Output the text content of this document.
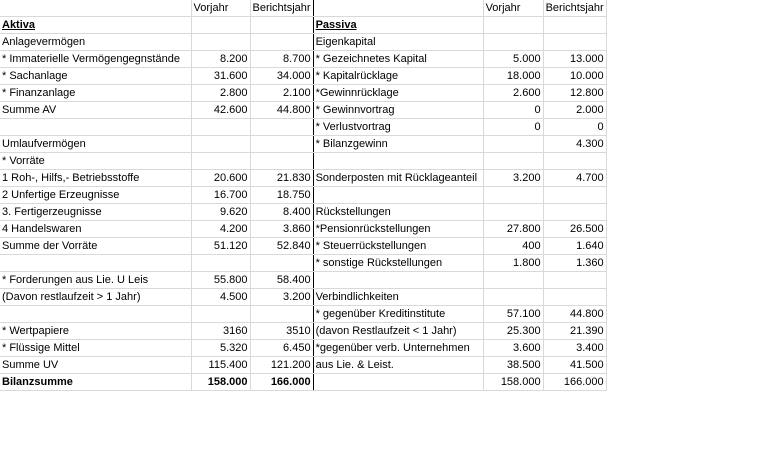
	Vorjahr	Berichtsjahr		Vorjahr	Berichtsjahr
Aktiva			Passiva		
Anlagevermögen			Eigenkapital		
* Immaterielle Vermögengegnstände	8.200	8.700	* Gezeichnetes Kapital	5.000	13.000
* Sachanlage	31.600	34.000	* Kapitalrücklage	18.000	10.000
* Finanzanlage	2.800	2.100	*Gewinnrücklage	2.600	12.800
Summe AV	42.600	44.800	* Gewinnvortrag	0	2.000
			* Verlustvortrag	0	0
Umlaufvermögen			* Bilanzgewinn		4.300
* Vorräte					
1 Roh-, Hilfs,- Betriebsstoffe	20.600	21.830	Sonderposten mit Rücklageanteil	3.200	4.700
2 Unfertige Erzeugnisse	16.700	18.750			
3. Fertigerzeugnisse	9.620	8.400	Rückstellungen		
4 Handelswaren	4.200	3.860	*Pensionrückstellungen	27.800	26.500
Summe der Vorräte	51.120	52.840	* Steuerrückstellungen	400	1.640
			* sonstige Rückstellungen	1.800	1.360
* Forderungen aus Lie. U Leis	55.800	58.400			
(Davon restlaufzeit > 1 Jahr)	4.500	3.200	Verbindlichkeiten		
			* gegenüber Kreditinstitute	57.100	44.800
* Wertpapiere	3160	3510	(davon Restlaufzeit < 1 Jahr)	25.300	21.390
* Flüssige Mittel	5.320	6.450	*gegenüber verb. Unternehmen	3.600	3.400
Summe UV	115.400	121.200	aus Lie. & Leist.	38.500	41.500
Bilanzsumme	158.000	166.000		158.000	166.000
